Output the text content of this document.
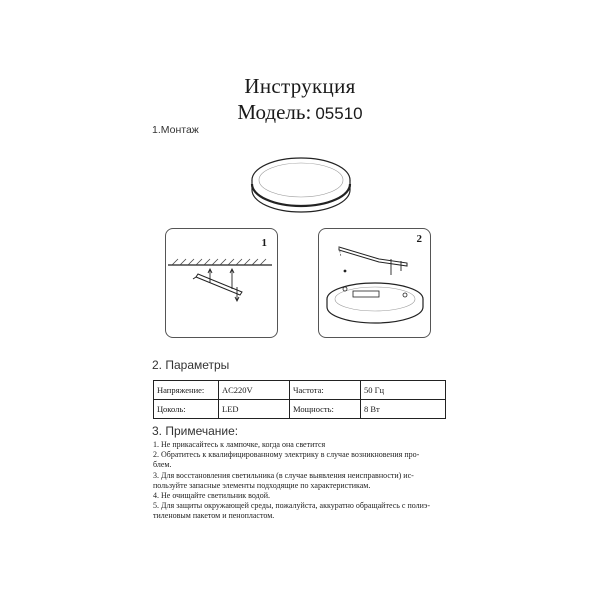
Инструкция
Модель: 05510
1.Монтаж
1	2
2. Параметры
Напряжение:	AC220V	Частота:	50 Гц
Цоколь:	LED	Мощность:	8 Вт
3. Примечание:

1. Не прикасайтесь к лампочке, когда она светится

2. Обратитесь к квалифицированному электрику в случае возникновения про-

блем.

3. Для восстановления светильника (в случае выявления неисправности) ис-

пользуйте запасные элементы подходящие по характеристикам.

4. Не очищайте светильник водой.

5. Для защиты окружающей среды, пожалуйста, аккуратно обращайтесь с полиэ-

тиленовым пакетом и пенопластом.
